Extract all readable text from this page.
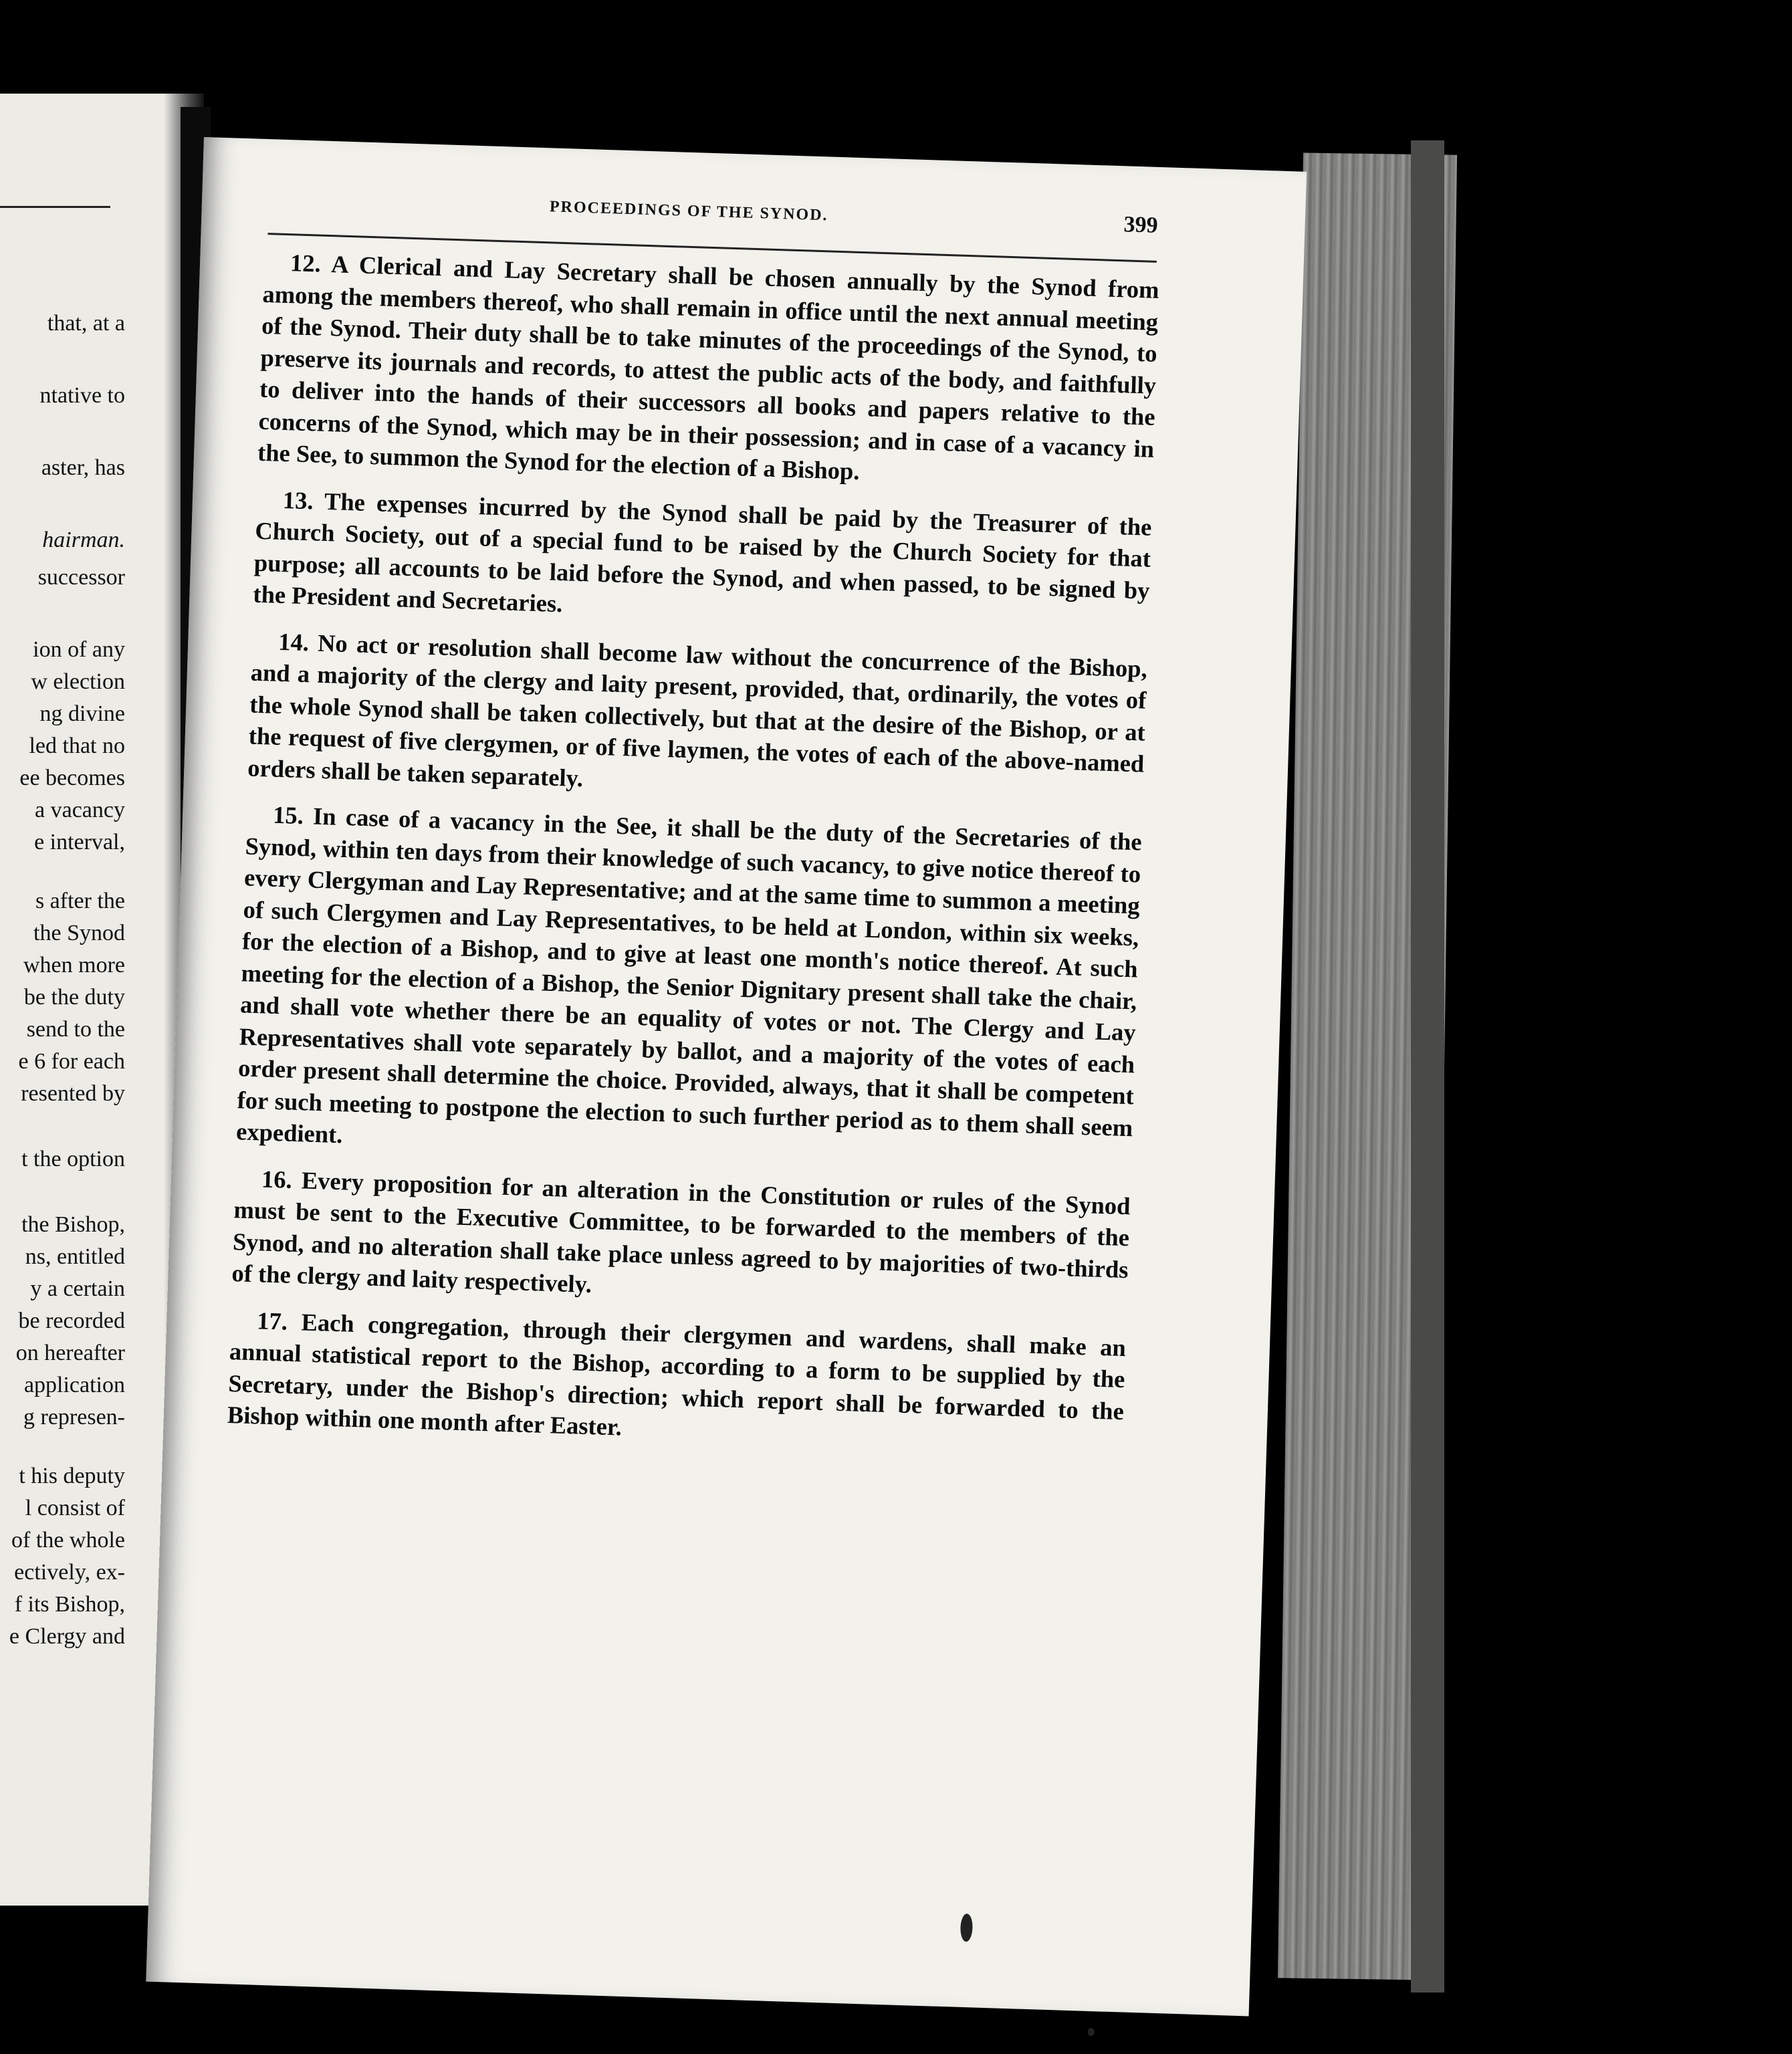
that, at a
ntative to
aster, has
hairman.
successor
ion of any
w election
ng divine
led that no
ee becomes
a vacancy
e interval,
s after the
the Synod
when more
be the duty
send to the
e 6 for each
resented by
t the option
the Bishop,
ns, entitled
y a certain
be recorded
on hereafter
application
g represen-
t his deputy
l consist of
of the whole
ectively, ex-
f its Bishop,
e Clergy and
PROCEEDINGS OF THE SYNOD.
399

12. A Clerical and Lay Secretary shall be chosen annually by the Synod from among the members thereof, who shall remain in office until the next annual meeting of the Synod. Their duty shall be to take minutes of the proceedings of the Synod, to preserve its journals and records, to attest the public acts of the body, and faithfully to deliver into the hands of their successors all books and papers relative to the concerns of the Synod, which may be in their possession; and in case of a vacancy in the See, to summon the Synod for the election of a Bishop.

13. The expenses incurred by the Synod shall be paid by the Treasurer of the Church Society, out of a special fund to be raised by the Church Society for that purpose; all accounts to be laid before the Synod, and when passed, to be signed by the President and Secretaries.

14. No act or resolution shall become law without the concurrence of the Bishop, and a majority of the clergy and laity present, provided, that, ordinarily, the votes of the whole Synod shall be taken collectively, but that at the desire of the Bishop, or at the request of five clergymen, or of five laymen, the votes of each of the above-named orders shall be taken separately.

15. In case of a vacancy in the See, it shall be the duty of the Secretaries of the Synod, within ten days from their knowledge of such vacancy, to give notice thereof to every Clergyman and Lay Representative; and at the same time to summon a meeting of such Clergymen and Lay Representatives, to be held at London, within six weeks, for the election of a Bishop, and to give at least one month's notice thereof. At such meeting for the election of a Bishop, the Senior Dignitary present shall take the chair, and shall vote whether there be an equality of votes or not. The Clergy and Lay Representatives shall vote separately by ballot, and a majority of the votes of each order present shall determine the choice. Provided, always, that it shall be competent for such meeting to postpone the election to such further period as to them shall seem expedient.

16. Every proposition for an alteration in the Constitution or rules of the Synod must be sent to the Executive Committee, to be forwarded to the members of the Synod, and no alteration shall take place unless agreed to by majorities of two-thirds of the clergy and laity respectively.

17. Each congregation, through their clergymen and wardens, shall make an annual statistical report to the Bishop, according to a form to be supplied by the Secretary, under the Bishop's direction; which report shall be forwarded to the Bishop within one month after Easter.
